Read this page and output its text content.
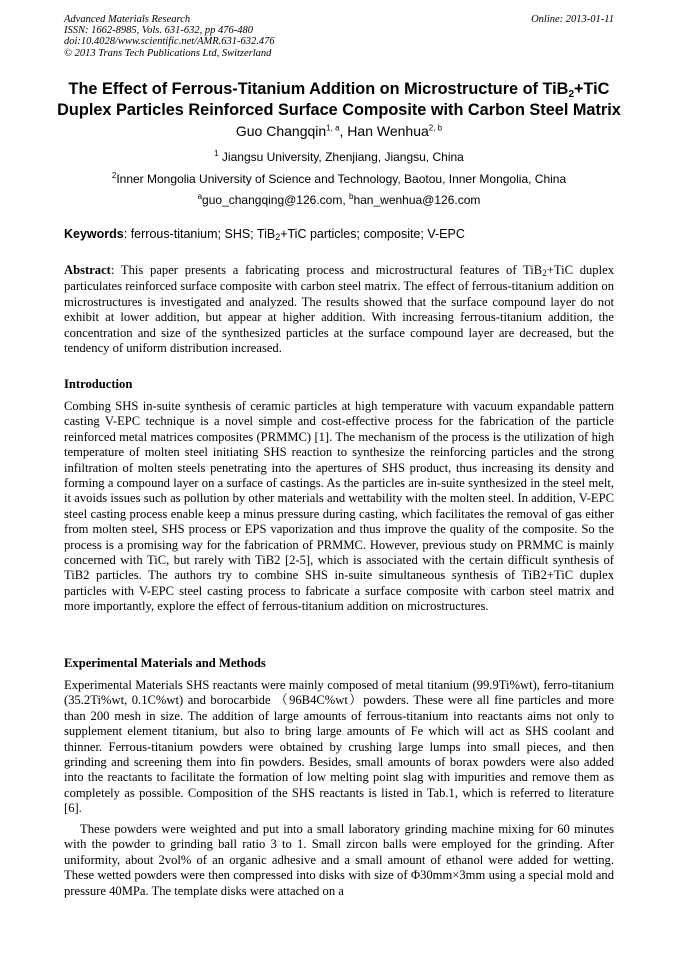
Advanced Materials Research
ISSN: 1662-8985, Vols. 631-632, pp 476-480
doi:10.4028/www.scientific.net/AMR.631-632.476
© 2013 Trans Tech Publications Ltd, Switzerland
Online: 2013-01-11
The Effect of Ferrous-Titanium Addition on Microstructure of TiB2+TiC
Duplex Particles Reinforced Surface Composite with Carbon Steel Matrix
Guo Changqin$^{1, a}$, Han Wenhua$^{2, b}$
$^1$ Jiangsu University, Zhenjiang, Jiangsu, China
$^2$Inner Mongolia University of Science and Technology, Baotou, Inner Mongolia, China
$^a$guo_changqing@126.com, $^b$han_wenhua@126.com
Keywords: ferrous-titanium; SHS; TiB2+TiC particles; composite; V-EPC

Abstract: This paper presents a fabricating process and microstructural features of TiB2+TiC duplex particulates reinforced surface composite with carbon steel matrix. The effect of ferrous-titanium addition on microstructures is investigated and analyzed. The results showed that the surface compound layer do not exhibit at lower addition, but appear at higher addition. With increasing ferrous-titanium addition, the concentration and size of the synthesized particles at the surface compound layer are decreased, but the tendency of uniform distribution increased.

Introduction

Combing SHS in-suite synthesis of ceramic particles at high temperature with vacuum expandable pattern casting V-EPC technique is a novel simple and cost-effective process for the fabrication of the particle reinforced metal matrices composites (PRMMC) [1]. The mechanism of the process is the utilization of high temperature of molten steel initiating SHS reaction to synthesize the reinforcing particles and the strong infiltration of molten steels penetrating into the apertures of SHS product, thus increasing its density and forming a compound layer on a surface of castings. As the particles are in-suite synthesized in the steel melt, it avoids issues such as pollution by other materials and wettability with the molten steel. In addition, V-EPC steel casting process enable keep a minus pressure during casting, which facilitates the removal of gas either from molten steel, SHS process or EPS vaporization and thus improve the quality of the composite. So the process is a promising way for the fabrication of PRMMC. However, previous study on PRMMC is mainly concerned with TiC, but rarely with TiB2 [2-5], which is associated with the certain difficult synthesis of TiB2 particles. The authors try to combine SHS in-suite simultaneous synthesis of TiB2+TiC duplex particles with V-EPC steel casting process to fabricate a surface composite with carbon steel matrix and more importantly, explore the effect of ferrous-titanium addition on microstructures.

Experimental Materials and Methods

Experimental Materials SHS reactants were mainly composed of metal titanium (99.9Ti%wt), ferro-titanium (35.2Ti%wt, 0.1C%wt) and borocarbide （96B4C%wt）powders. These were all fine particles and more than 200 mesh in size. The addition of large amounts of ferrous-titanium into reactants aims not only to supplement element titanium, but also to bring large amounts of Fe which will act as SHS coolant and thinner. Ferrous-titanium powders were obtained by crushing large lumps into small pieces, and then grinding and screening them into fin powders. Besides, small amounts of borax powders were also added into the reactants to facilitate the formation of low melting point slag with impurities and remove them as completely as possible. Composition of the SHS reactants is listed in Tab.1, which is referred to literature [6].

These powders were weighted and put into a small laboratory grinding machine mixing for 60 minutes with the powder to grinding ball ratio 3 to 1. Small zircon balls were employed for the grinding. After uniformity, about 2vol% of an organic adhesive and a small amount of ethanol were added for wetting. These wetted powders were then compressed into disks with size of Φ30mm×3mm using a special mold and pressure 40MPa. The template disks were attached on a
